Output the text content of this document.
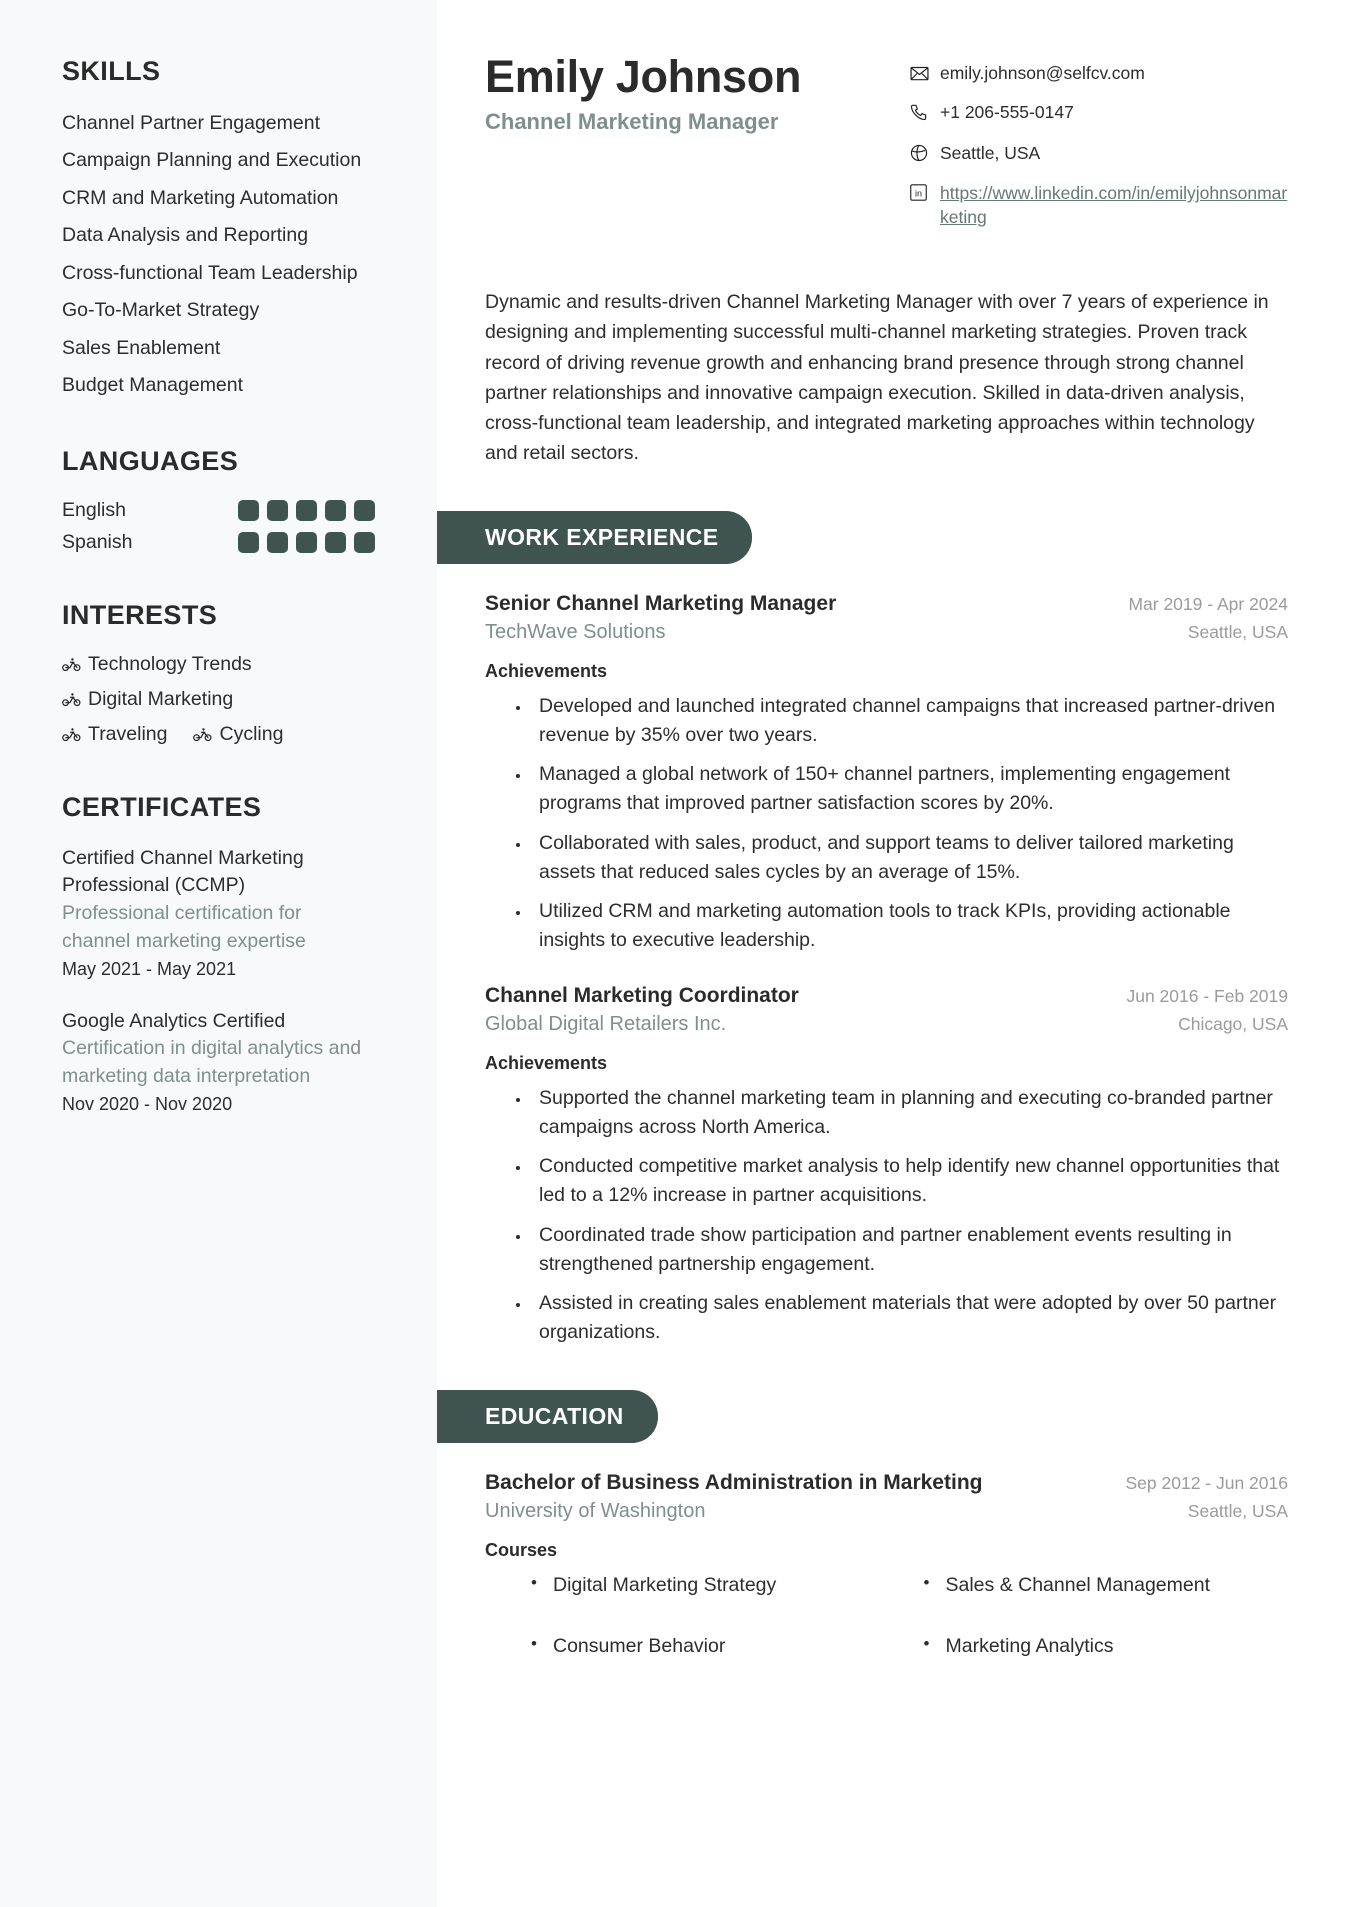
SKILLS
Channel Partner Engagement
Campaign Planning and Execution
CRM and Marketing Automation
Data Analysis and Reporting
Cross-functional Team Leadership
Go-To-Market Strategy
Sales Enablement
Budget Management
LANGUAGES
English
Spanish
INTERESTS
Technology Trends
Digital Marketing
Traveling	Cycling
CERTIFICATES
Certified Channel Marketing Professional (CCMP)
Professional certification for channel marketing expertise
May 2021 - May 2021
Google Analytics Certified
Certification in digital analytics and marketing data interpretation
Nov 2020 - Nov 2020
Emily Johnson
Channel Marketing Manager
emily.johnson@selfcv.com
+1 206-555-0147
Seattle, USA
in https://www.linkedin.com/in/emilyjohnsonmarketing

Dynamic and results-driven Channel Marketing Manager with over 7 years of experience in designing and implementing successful multi-channel marketing strategies. Proven track record of driving revenue growth and enhancing brand presence through strong channel partner relationships and innovative campaign execution. Skilled in data-driven analysis, cross-functional team leadership, and integrated marketing approaches within technology and retail sectors.

WORK EXPERIENCE
Senior Channel Marketing Manager	Mar 2019 - Apr 2024
TechWave Solutions	Seattle, USA
Achievements
• Developed and launched integrated channel campaigns that increased partner-driven revenue by 35% over two years.
• Managed a global network of 150+ channel partners, implementing engagement programs that improved partner satisfaction scores by 20%.
• Collaborated with sales, product, and support teams to deliver tailored marketing assets that reduced sales cycles by an average of 15%.
• Utilized CRM and marketing automation tools to track KPIs, providing actionable insights to executive leadership.
Channel Marketing Coordinator	Jun 2016 - Feb 2019
Global Digital Retailers Inc.	Chicago, USA
Achievements
• Supported the channel marketing team in planning and executing co-branded partner campaigns across North America.
• Conducted competitive market analysis to help identify new channel opportunities that led to a 12% increase in partner acquisitions.
• Coordinated trade show participation and partner enablement events resulting in strengthened partnership engagement.
• Assisted in creating sales enablement materials that were adopted by over 50 partner organizations.
EDUCATION
Bachelor of Business Administration in Marketing	Sep 2012 - Jun 2016
University of Washington	Seattle, USA
Courses
• Digital Marketing Strategy	• Sales & Channel Management
• Consumer Behavior	• Marketing Analytics
